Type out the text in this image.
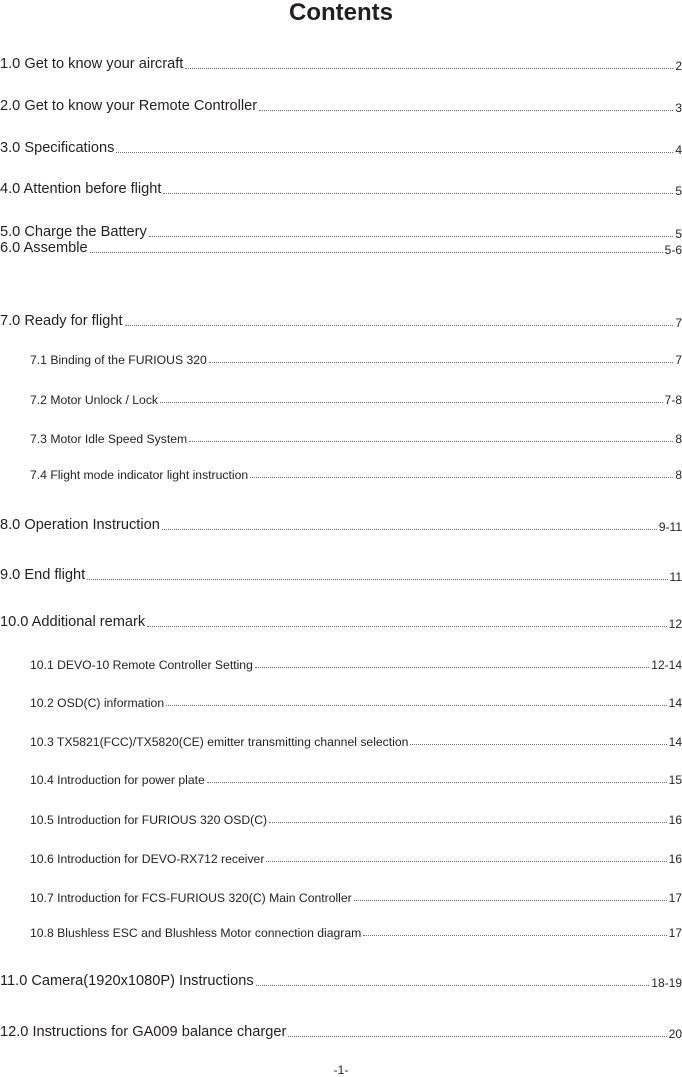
Contents
1.0 Get to know your aircraft	2
2.0 Get to know your Remote Controller	3
3.0 Specifications	4
4.0 Attention before flight	5
5.0 Charge the Battery	5
6.0 Assemble	5-6
7.0 Ready for flight	7
7.1 Binding of the FURIOUS 320	7
7.2 Motor Unlock / Lock	7-8
7.3 Motor Idle Speed System	8
7.4 Flight mode indicator light instruction	8
8.0 Operation Instruction	9-11
9.0 End flight	11
10.0 Additional remark	12
10.1 DEVO-10 Remote Controller Setting	12-14
10.2 OSD(C) information	14
10.3 TX5821(FCC)/TX5820(CE) emitter transmitting channel selection	14
10.4 Introduction for power plate	15
10.5 Introduction for FURIOUS 320 OSD(C)	16
10.6 Introduction for DEVO-RX712 receiver	16
10.7 Introduction for FCS-FURIOUS 320(C) Main Controller	17
10.8 Blushless ESC and Blushless Motor connection diagram	17
11.0 Camera(1920x1080P) Instructions	18-19
12.0 Instructions for GA009 balance charger	20
-1-
